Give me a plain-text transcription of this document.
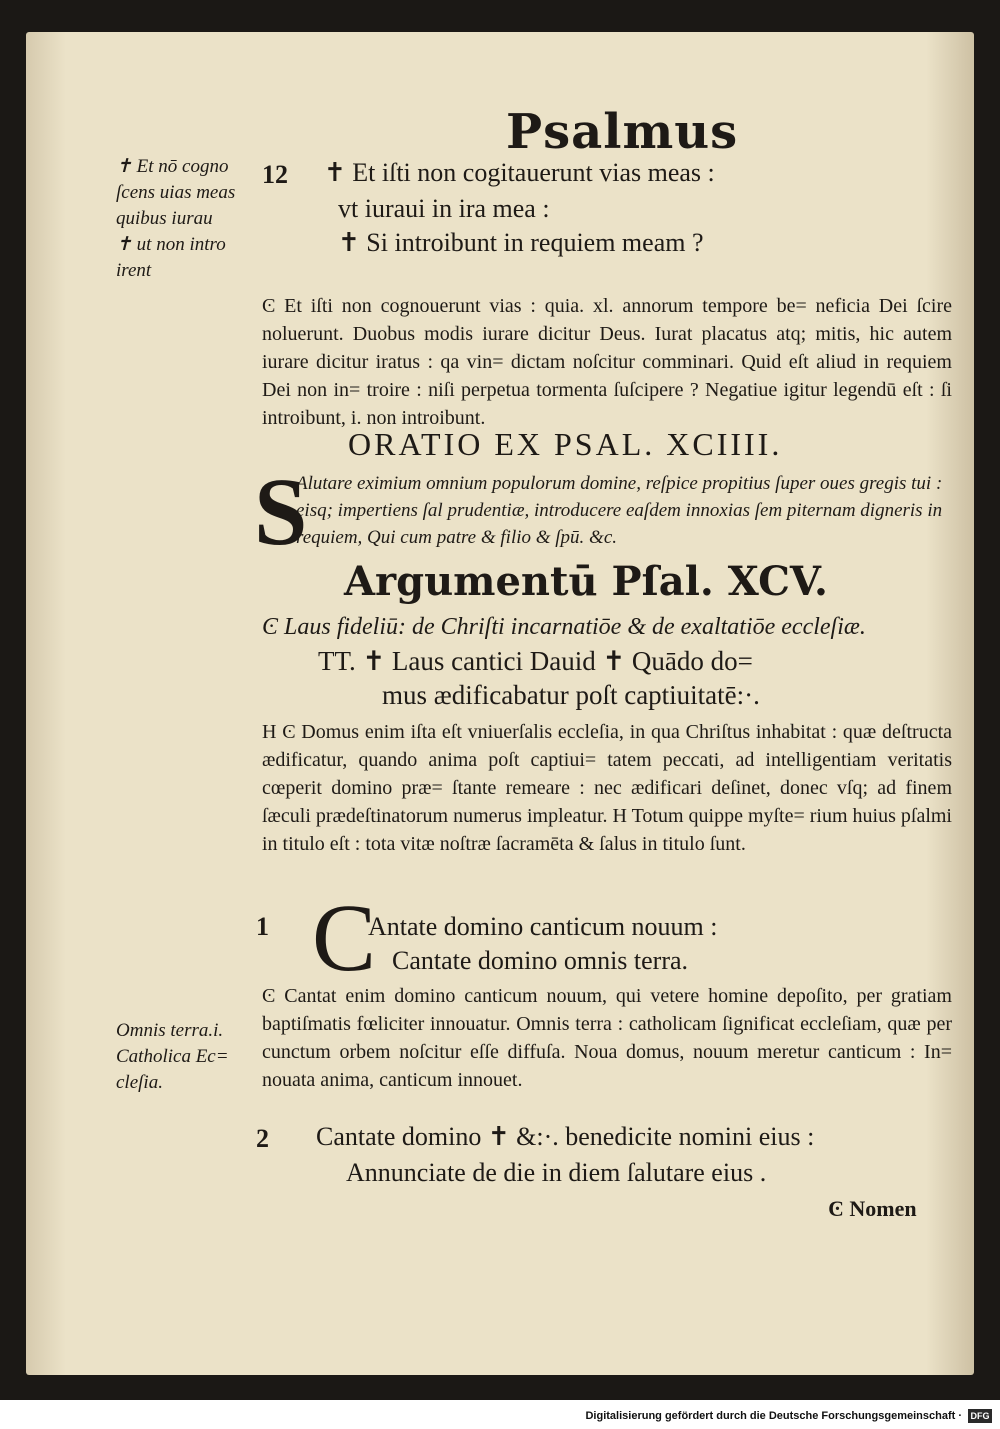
Psalmus
✝ Et nō cogno
ſcens uias meas
quibus iurau
✝ ut non intro
irent
12 ✝ Et iſti non cogitauerunt vias meas :
vt iuraui in ira mea :
✝ Si introibunt in requiem meam ?
Ͼ Et iſti non cognouerunt vias : quia. xl. annorum tempore be= neficia Dei ſcire noluerunt. Duobus modis iurare dicitur Deus. Iurat placatus atq; mitis, hic autem iurare dicitur iratus : qa vin= dictam noſcitur comminari. Quid eſt aliud in requiem Dei non in= troire : niſi perpetua tormenta ſuſcipere ? Negatiue igitur legendū eſt : ſi introibunt, i. non introibunt.
ORATIO EX PSAL. XCIIII.
S
Alutare eximium omnium populorum domine, reſpice propitius ſuper oues gregis tui : eisq; impertiens ſal prudentiæ, introducere eaſdem innoxias ſem piternam digneris in requiem, Qui cum patre & filio & ſpū. &c.
Argumentū Pſal. XCV.
Ͼ Laus fideliū: de Chriſti incarnatiōe & de exaltatiōe eccleſiæ.
TT. ✝ Laus cantici Dauid ✝ Quādo do=
mus ædificabatur poſt captiuitatē:·.
H Ͼ Domus enim iſta eſt vniuerſalis eccleſia, in qua Chriſtus inhabitat : quæ deſtructa ædificatur, quando anima poſt captiui= tatem peccati, ad intelligentiam veritatis cœperit domino præ= ſtante remeare : nec ædificari deſinet, donec vſq; ad finem ſæculi prædeſtinatorum numerus impleatur. H Totum quippe myſte= rium huius pſalmi in titulo eſt : tota vitæ noſtræ ſacramēta & ſalus in titulo ſunt.
1 C
Antate domino canticum nouum :
Cantate domino omnis terra.
Omnis terra.i.
Catholica Ec=
cleſia.
Ͼ Cantat enim domino canticum nouum, qui vetere homine depoſito, per gratiam baptiſmatis fœliciter innouatur. Omnis terra : catholicam ſignificat eccleſiam, quæ per cunctum orbem noſcitur eſſe diffuſa. Noua domus, nouum meretur canticum : In= nouata anima, canticum innouet.
2 Cantate domino ✝ &:·. benedicite nomini eius :
Annunciate de die in diem ſalutare eius .
Ͼ Nomen
Digitalisierung gefördert durch die Deutsche Forschungsgemeinschaft · DFG
